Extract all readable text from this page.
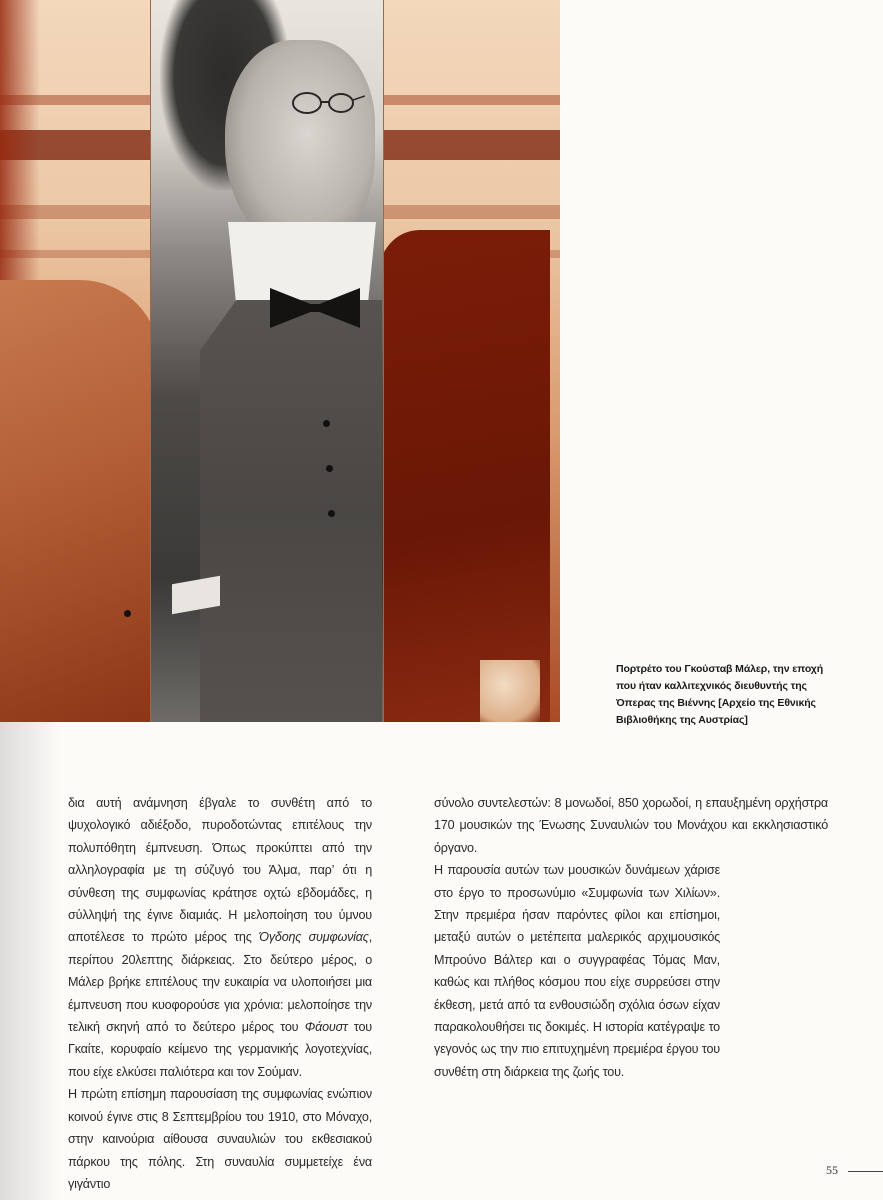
Πορτρέτο του Γκούσταβ Μάλερ, την εποχή
που ήταν καλλιτεχνικός διευθυντής της
Όπερας της Βιέννης [Αρχείο της Εθνικής
Βιβλιοθήκης της Αυστρίας]

δια αυτή ανάμνηση έβγαλε το συνθέτη από το ψυχολογικό αδιέξοδο, πυροδοτώντας επιτέλους την πολυπόθητη έμπνευση. Όπως προκύπτει από την αλληλογραφία με τη σύζυγό του Άλμα, παρ’ ότι η σύνθεση της συμφωνίας κράτησε οχτώ εβδομάδες, η σύλληψή της έγινε διαμιάς. Η μελοποίηση του ύμνου αποτέλεσε το πρώτο μέρος της Όγδοης συμφωνίας, περίπου 20λεπτης διάρκειας. Στο δεύτερο μέρος, ο Μάλερ βρήκε επιτέλους την ευκαιρία να υλοποιήσει μια έμπνευση που κυοφορούσε για χρόνια: μελοποίησε την τελική σκηνή από το δεύτερο μέρος του Φάουστ του Γκαίτε, κορυφαίο κείμενο της γερμανικής λογοτεχνίας, που είχε ελκύσει παλιότερα και τον Σούμαν.

Η πρώτη επίσημη παρουσίαση της συμφωνίας ενώπιον κοινού έγινε στις 8 Σεπτεμβρίου του 1910, στο Μόναχο, στην καινούρια αίθουσα συναυλιών του εκθεσιακού πάρκου της πόλης. Στη συναυλία συμμετείχε ένα γιγάντιο

σύνολο συντελεστών: 8 μονωδοί, 850 χορωδοί, η επαυξημένη ορχήστρα 170 μουσικών της Ένωσης Συναυλιών του Μονάχου και εκκλησιαστικό όργανο.

Η παρουσία αυτών των μουσικών δυνάμεων χάρισε στο έργο το προσωνύμιο «Συμφωνία των Χιλίων». Στην πρεμιέρα ήσαν παρόντες φίλοι και επίσημοι, μεταξύ αυτών ο μετέπειτα μαλερικός αρχιμουσικός Μπρούνο Βάλτερ και ο συγγραφέας Τόμας Μαν, καθώς και πλήθος κόσμου που είχε συρρεύσει στην έκθεση, μετά από τα ενθουσιώδη σχόλια όσων είχαν παρακολουθήσει τις δοκιμές. Η ιστορία κατέγραψε το γεγονός ως την πιο επιτυχημένη πρεμιέρα έργου του συνθέτη στη διάρκεια της ζωής του.

55
